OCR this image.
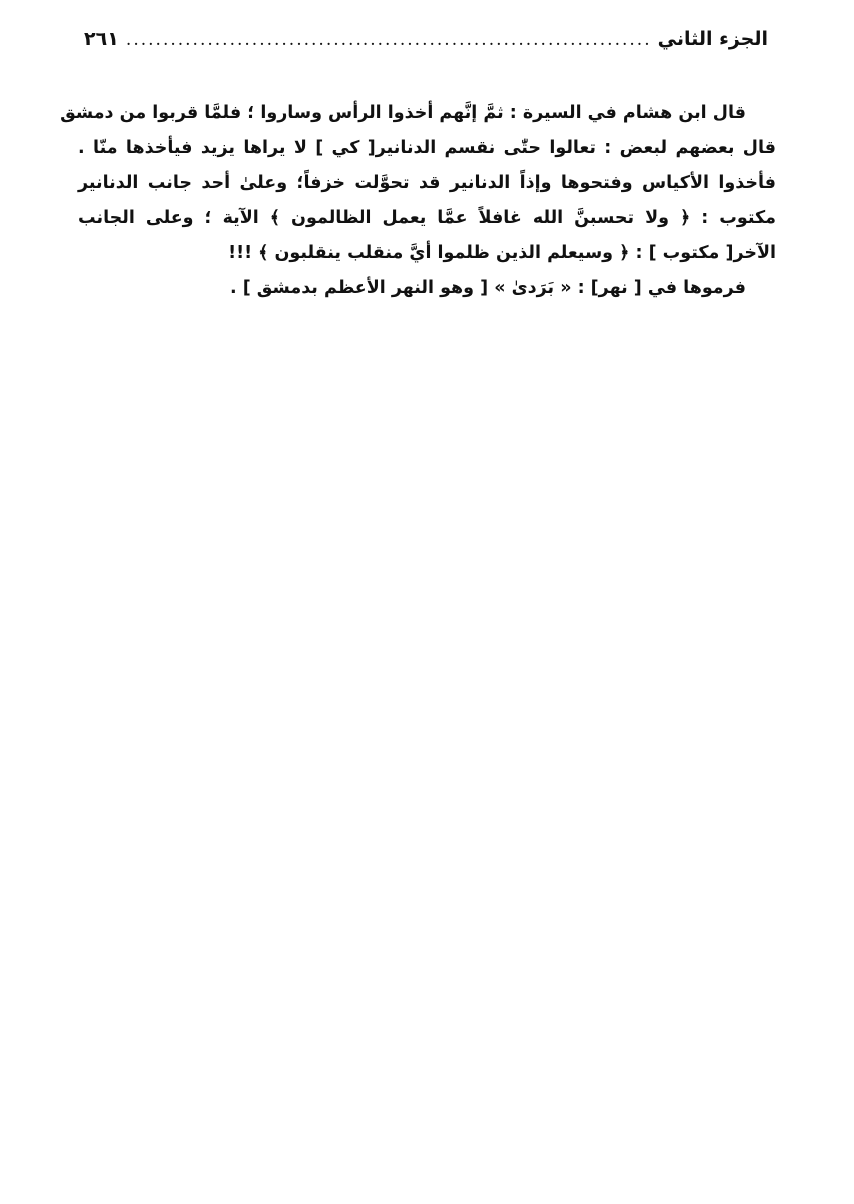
الجزء الثاني
.....
٢٦١
قال ابن هشام في السيرة : ثمَّ إنَّهم أخذوا الرأس وساروا ؛ فلمَّا قربوا من دمشق
قال بعضهم لبعض : تعالوا حتّٰى نقسم الدنانير[ كي ] لا يراها يزيد فيأخذها منّا .
فأخذوا الأكياس وفتحوها وإذاً الدنانير قد تحوَّلت خزفاً؛ وعلىٰ أحد جانب الدنانير
مكتوب : ﴿ ولا تحسبنَّ الله غافلاً عمَّا يعمل الظالمون ﴾ الآية ؛ وعلى الجانب
الآخر[ مكتوب ] : ﴿ وسيعلم الذين ظلموا أيَّ منقلب ينقلبون ﴾ !!!
فرموها في [ نهر] : « بَرَدىٰ » [ وهو النهر الأعظم بدمشق ] .
